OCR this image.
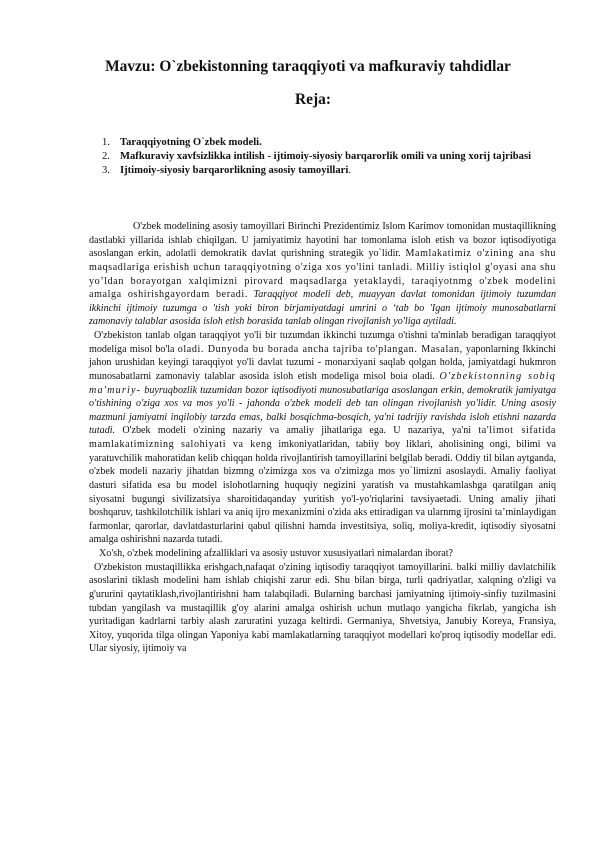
Mavzu: O`zbekistonning taraqqiyoti va mafkuraviy tahdidlar
Reja:
1. Taraqqiyotning O`zbek modeli.
2. Mafkuraviy xavfsizlikka intilish - ijtimoiy-siyosiy barqarorlik omili va uning xorij tajribasi
3. Ijtimoiy-siyosiy barqarorlikning asosiy tamoyillari.

O'zbek modelining asosiy tamoyillari Birinchi Prezidentimiz Islom Karimov tomonidan mustaqillikning dastlabki yillarida ishlab chiqilgan. U jamiyatimiz hayotini har tomonlama isloh etish va bozor iqtisodiyotiga asoslangan erkin, adolatli demokratik davlat qurishning strategik yo`lidir. Mamlakatimiz o'zining ana shu maqsadlariga erishish uchun taraqqiyotning o'ziga xos yo'lini tanladi. Milliy istiqlol g'oyasi ana shu yo’ldan borayotgan xalqimizni pirovard maqsadlarga yetaklaydi, taraqiyotnmg o'zbek modelini amalga oshirishgayordam beradi. Taraqqiyot modeli deb, muayyan davlat tomonidan ijtimoiy tuzumdan ikkinchi ijtimoiy tuzumga o 'tish yoki biron birjamiyatdagi umrini o ‘tab bo 'Igan ijtimoiy munosabatlarni zamonaviy talablar asosida isloh etish borasida tanlab olingan rivojlanish yo'liga aytiladi.

O'zbekiston tanlab olgan taraqqiyot yo'li bir tuzumdan ikkinchi tuzumga o'tishni ta'minlab beradigan taraqqiyot modeliga misol bo'la oladi. Dunyoda bu borada ancha tajriba to'plangan. Masalan, yaponlarning Ikkinchi jahon urushidan keyingi taraqqiyot yo'li davlat tuzumi - monarxiyani saqlab qolgan holda, jamiyatdagi hukmron munosabatlarni zamonaviy talablar asosida isloh etish modeliga misol boia oladi. O'zbekistonning sobiq ma'muriy- buyruqbozlik tuzumidan bozor iqtisodiyoti munosubatlariga asoslangan erkin, demokratik jamiyatga o'tishining o'ziga xos va mos yo'li - jahonda o'zbek modeli deb tan olingan rivojlanish yo'lidir. Uning asosiy mazmuni jamiyatni inqilobiy tarzda emas, balki bosqichma-bosqich, ya'ni tadrijiy ravishda isloh etishni nazarda tutadi. O'zbek modeli o'zining nazariy va amaliy jihatlariga ega. U nazariya, ya'ni ta'limot sifatida mamlakatimizning salohiyati va keng imkoniyatlaridan, tabiiy boy liklari, aholisining ongi, bilimi va yaratuvchilik mahoratidan kelib chiqqan holda rivojlantirish tamoyillarini belgilab beradi. Oddiy til bilan aytganda, o'zbek modeli nazariy jihatdan bizmng o'zimizga xos va o'zimizga mos yo`limizni asoslaydi. Amaliy faoliyat dasturi sifatida esa bu model islohotlarning huquqiy negizini yaratish va mustahkamlashga qaratilgan aniq siyosatni bugungi sivilizatsiya sharoitidaqanday yuritish yo'l-yo'riqlarini tavsiyaetadi. Uning amaliy jihati boshqaruv, tashkilotchilik ishlari va aniq ijro mexanizmini o'zida aks ettiradigan va ularnmg ijrosini ta’minlaydigan farmonlar, qarorlar, davlatdasturlarini qabul qilishni hamda investitsiya, soliq, moliya-kredit, iqtisodiy siyosatni amalga oshirishni nazarda tutadi.

Xo'sh, o'zbek modelining afzalliklari va asosiy ustuvor xususiyatlari nimalardan iborat?

O'zbekiston mustaqillikka erishgach,nafaqat o'zining iqtisodiy taraqqiyot tamoyillarini. balki milliy davlatchilik asoslarini tiklash modelini ham ishlab chiqishi zarur edi. Shu bilan birga, turli qadriyatlar, xalqning o'zligi va g'ururini qaytatiklash,rivojlantirishni ham talabqiladi. Bularning barchasi jamiyatning ijtimoiy-sinfiy tuzilmasini tubdan yangilash va mustaqillik g'oy alarini amalga oshirish uchun mutlaqo yangicha fikrlab, yangicha ish yuritadigan kadrlarni tarbiy alash zaruratini yuzaga keltirdi. Germaniya, Shvetsiya, Janubiy Koreya, Fransiya, Xitoy, yuqorida tilga olingan Yaponiya kabi mamlakatlarning taraqqiyot modellari ko'proq iqtisodiy modellar edi. Ular siyosiy, ijtimoiy va
